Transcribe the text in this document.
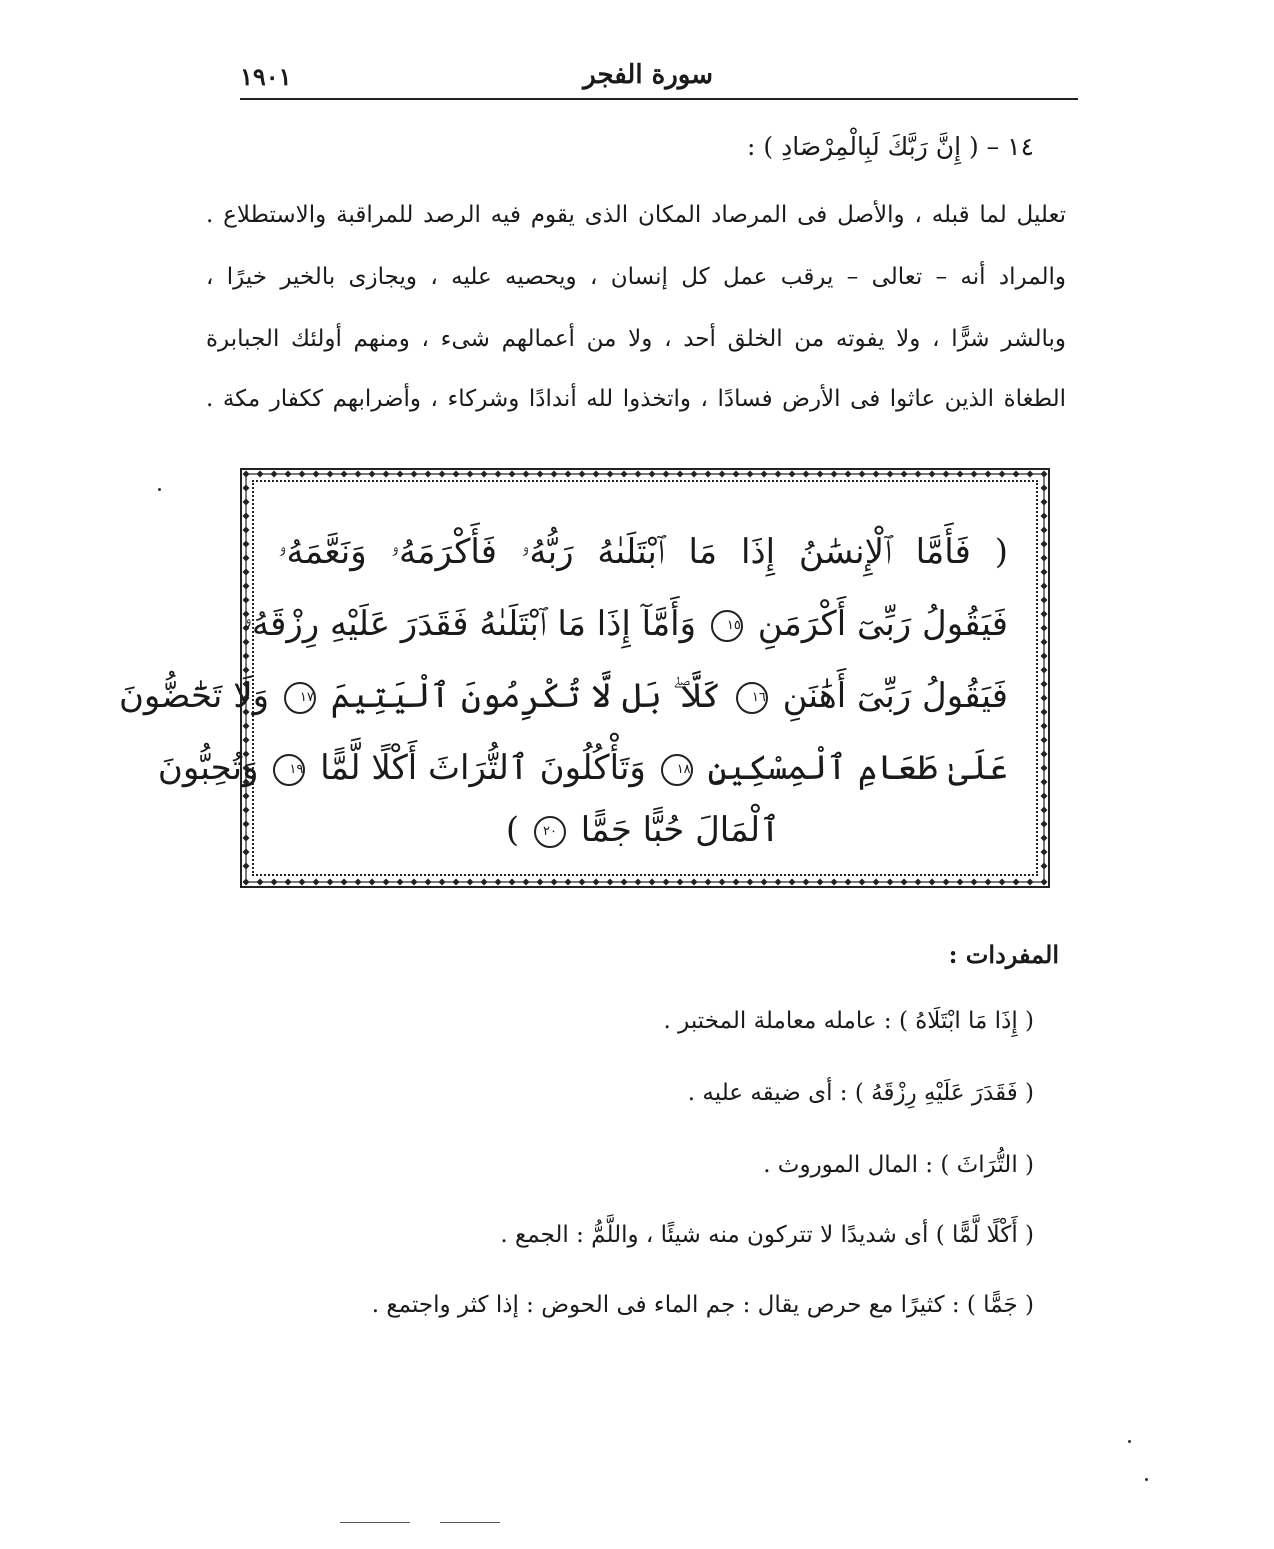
١٩٠١	سورة الفجر
١٤ – ( إِنَّ رَبَّكَ لَبِالْمِرْصَادِ ) :
تعليل لما قبله ، والأصل فى المرصاد المكان الذى يقوم فيه الرصد للمراقبة والاستطلاع .
والمراد أنه – تعالى – يرقب عمل كل إنسان ، ويحصيه عليه ، ويجازى بالخير خيرًا ،
وبالشر شرًّا ، ولا يفوته من الخلق أحد ، ولا من أعمالهم شىء ، ومنهم أولئك الجبابرة
الطغاة الذين عاثوا فى الأرض فسادًا ، واتخذوا لله أندادًا وشركاء ، وأضرابهم ككفار مكة .
( فَأَمَّا ٱلْإِنسَٰنُ إِذَا مَا ٱبْتَلَىٰهُ رَبُّهُۥ فَأَكْرَمَهُۥ وَنَعَّمَهُۥ
فَيَقُولُ رَبِّىٓ أَكْرَمَنِ ١٥ وَأَمَّآ إِذَا مَا ٱبْتَلَىٰهُ فَقَدَرَ عَلَيْهِ رِزْقَهُۥ
فَيَقُولُ رَبِّىٓ أَهَٰنَنِ ١٦ كَلَّا ۖ بَل لَّا تُكْرِمُونَ ٱلْيَتِيمَ ١٧ وَلَا تَحَٰٓضُّونَ
عَلَىٰ طَعَامِ ٱلْمِسْكِينِ ١٨ وَتَأْكُلُونَ ٱلتُّرَاثَ أَكْلًا لَّمًّا ١٩ وَتُحِبُّونَ
ٱلْمَالَ حُبًّا جَمًّا ٢٠ )
المفردات :
( إِذَا مَا ابْتَلَاهُ ) : عامله معاملة المختبر .
( فَقَدَرَ عَلَيْهِ رِزْقَهُ ) : أى ضيقه عليه .
( التُّرَاثَ ) : المال الموروث .
( أَكْلًا لَّمًّا ) أى شديدًا لا تتركون منه شيئًا ، واللَّمُّ : الجمع .
( جَمًّا ) : كثيرًا مع حرص يقال : جم الماء فى الحوض : إذا كثر واجتمع .
